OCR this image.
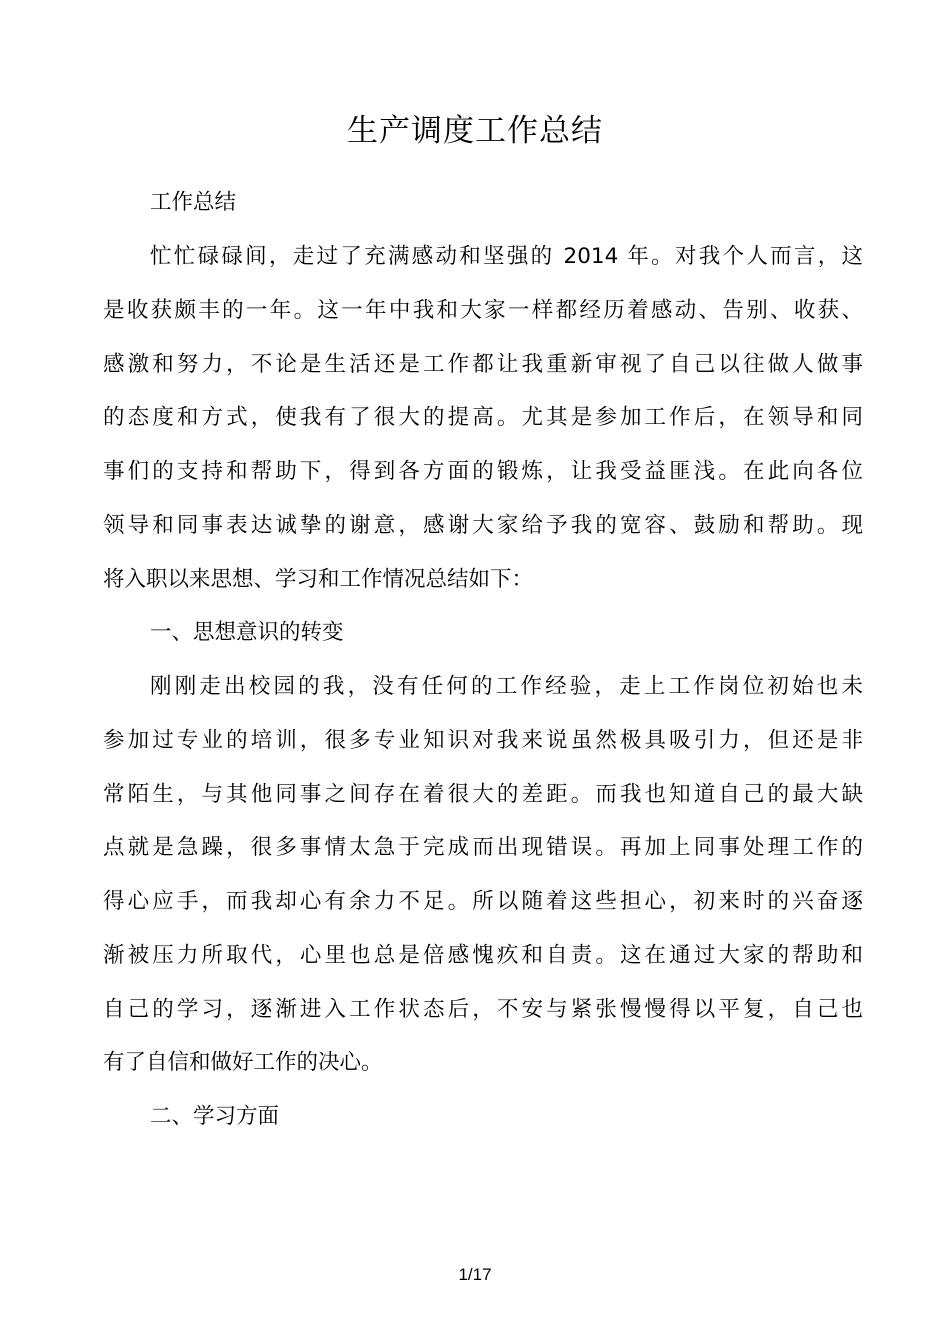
生产调度工作总结
工作总结
忙忙碌碌间，走过了充满感动和坚强的 2014 年。对我个人而言，这
是收获颇丰的一年。这一年中我和大家一样都经历着感动、告别、收获、
感激和努力，不论是生活还是工作都让我重新审视了自己以往做人做事
的态度和方式，使我有了很大的提高。尤其是参加工作后，在领导和同
事们的支持和帮助下，得到各方面的锻炼，让我受益匪浅。在此向各位
领导和同事表达诚挚的谢意，感谢大家给予我的宽容、鼓励和帮助。现
将入职以来思想、学习和工作情况总结如下：
一、思想意识的转变
刚刚走出校园的我，没有任何的工作经验，走上工作岗位初始也未
参加过专业的培训，很多专业知识对我来说虽然极具吸引力，但还是非
常陌生，与其他同事之间存在着很大的差距。而我也知道自己的最大缺
点就是急躁，很多事情太急于完成而出现错误。再加上同事处理工作的
得心应手，而我却心有余力不足。所以随着这些担心，初来时的兴奋逐
渐被压力所取代，心里也总是倍感愧疚和自责。这在通过大家的帮助和
自己的学习，逐渐进入工作状态后，不安与紧张慢慢得以平复，自己也
有了自信和做好工作的决心。
二、学习方面
1/17
